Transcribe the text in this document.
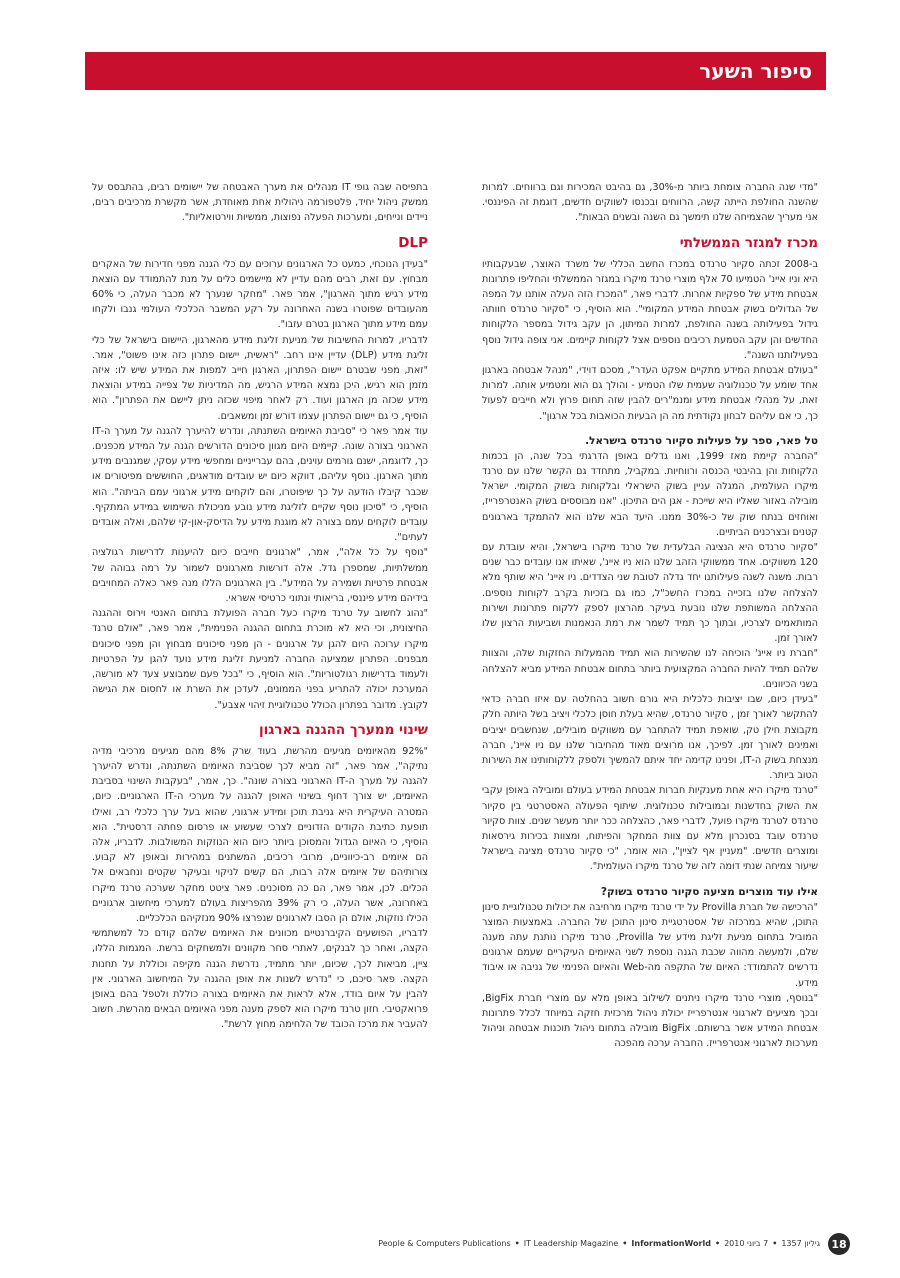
סיפור השער

"מדי שנה החברה צומחת ביותר מ-30%, גם בהיבט המכירות וגם ברווחים. למרות שהשנה החולפת הייתה קשה, הרווחים ובכנסו לשווקים חדשים, דוגמת זה הפיננסי. אני מעריך שהצמיחה שלנו תימשך גם השנה ובשנים הבאות".

מכרז למגזר הממשלתי

ב-2008 זכתה סקיור טרנדס במכרז החשב הכללי של משרד האוצר, שבעקבותיו היא וניו איינ' הטמיעו 70 אלף מוצרי טרנד מיקרו במגזר הממשלתי והחליפו פתרונות אבטחת מידע של ספקיות אחרות. לדברי פאר, "המכרז הזה העלה אותנו על המפה של הגדולים בשוק אבטחת המידע המקומי". הוא הוסיף, כי "סקיור טרנדס חוותה גידול בפעילותה בשנה החולפת, למרות המיתון, הן עקב גידול במספר הלקוחות החדשים והן עקב הטמעת רכיבים נוספים אצל לקוחות קיימים. אני צופה גידול נוסף בפעילותנו השנה".

"בעולם אבטחת המידע מתקיים אפקט העדר", מסכם דוידי, "מנהל אבטחה בארגון אחד שומע על טכנולוגיה שעמית שלו הטמיע - והולך גם הוא ומטמיע אותה. למרות זאת, על מנהלי אבטחת מידע ומנמ"רים להבין שזה תחום פרוץ ולא חייבים לפעול כך, כי אם עליהם לבחון נקודתית מה הן הבעיות הכואבות בכל ארגון".

טל פאר, ספר על פעילות סקיור טרנדס בישראל.

"החברה קיימת מאז 1999, ואנו גדלים באופן הדרגתי בכל שנה, הן בכמות הלקוחות והן בהיבטי הכנסה ורווחיות. במקביל, מתחדד גם הקשר שלנו עם טרנד מיקרו העולמית, המגלה עניין בשוק הישראלי ובלקוחות בשוק המקומי. ישראל מובילה באזור שאליו היא שייכת - אגן הים התיכון. "אנו מבוססים בשוק האנטרפרייז, ואוחזים בנתח שוק של כ-30% ממנו. היעד הבא שלנו הוא להתמקד בארגונים קטנים ובצרכנים הביתיים.

"סקיור טרנדס היא הנציגה הבלעדית של טרנד מיקרו בישראל, והיא עובדת עם 120 משווקים. אחד ממשווקי הזהב שלנו הוא ניו איינ', שאיתו אנו עובדים כבר שנים רבות. משנה לשנה פעילותנו יחד גדלה לטובת שני הצדדים. ניו איינ' היא שותף מלא להצלחה שלנו בזכייה במכרז החשכ"ל, כמו גם בזכיות בקרב לקוחות נוספים. ההצלחה המשותפת שלנו נובעת בעיקר מהרצון לספק ללקוח פתרונות ושירות המותאמים לצרכיו, ובתוך כך תמיד לשמר את רמת הנאמנות ושביעות הרצון שלו לאורך זמן.

"חברת ניו איינ' הוכיחה לנו שהשירות הוא תמיד מהמעלות החזקות שלה, והצוות שלהם תמיד להיות החברה המקצועית ביותר בתחום אבטחת המידע מביא להצלחה בשני הכיוונים.

"בעידן כיום, שבו יציבות כלכלית היא גורם חשוב בהחלטה עם איזו חברה כדאי להתקשר לאורך זמן , סקיור טרנדס, שהיא בעלת חוסן כלכלי ויציב בשל היותה חלק מקבוצת חילן טק, שואפת תמיד להתחבר עם משווקים מובילים, שנחשבים יציבים ואמינים לאורך זמן. לפיכך, אנו מרוצים מאוד מהחיבור שלנו עם ניו איינ', חברה מנצחת בשוק ה-IT, ופנינו קדימה יחד איתם להמשיך ולספק ללקוחותינו את השירות הטוב ביותר.

"טרנד מיקרו היא אחת מענקיות חברות אבטחת המידע בעולם ומובילה באופן עקבי את השוק בחדשנות ובמובילות טכנולוגית. שיתוף הפעולה האסטרטגי בין סקיור טרנדס לטרנד מיקרו פועל, לדברי פאר, כהצלחה ככר יותר מעשר שנים. צוות סקיור טרנדס עובד בסנכרון מלא עם צוות המחקר והפיתוח, ומצוות בכירות גירסאות ומוצרים חדשים. "מעניין אף לציין", הוא אומר, "כי סקיור טרנדס מציגה בישראל שיעור צמיחה שנתי דומה לזה של טרנד מיקרו העולמית".

אילו עוד מוצרים מציעה סקיור טרנדס בשוק?

"הרכישה של חברת Provilla על ידי טרנד מיקרו מרחיבה את יכולות טכנולוגיית סינון התוכן, שהיא במרכזה של אסטרטגיית סינון התוכן של החברה. באמצעות המוצר המוביל בתחום מניעת זליגת מידע של Provilla, טרנד מיקרו נותנת עתה מענה שלם, ולמעשה מהווה שכבת הגנה נוספת לשני האיומים העיקריים שעמם ארגונים נדרשים להתמודד: האיום של התקפה מה-Web והאיום הפנימי של גניבה או איבוד מידע.

"בנוסף, מוצרי טרנד מיקרו ניתנים לשילוב באופן מלא עם מוצרי חברת BigFix, ובכך מציעים לארגוני אנטרפרייז יכולת ניהול מרכזית חזקה במיוחד לכלל פתרונות אבטחת המידע אשר ברשותם. BigFix מובילה בתחום ניהול תוכנות אבטחה וניהול מערכות לארגוני אנטרפרייז. החברה ערכה מהפכה

בתפיסה שבה גופי IT מנהלים את מערך האבטחה של יישומים רבים, בהתבסס על ממשק ניהול יחיד, פלטפורמה ניהולית אחת מאוחדת, אשר מקשרת מרכיבים רבים, ניידים ונייחים, ומערכות הפעלה נפוצות, ממשיות ווירטואליות".

DLP

"בעידן הנוכחי, כמעט כל הארגונים ערוכים עם כלי הגנה מפני חדירות של האקרים מבחוץ. עם זאת, רבים מהם עדיין לא מיישמים כלים על מנת להתמודד עם הוצאת מידע רגיש מתוך הארגון", אמר פאר. "מחקר שנערך לא מכבר העלה, כי 60% מהעובדים שפוטרו בשנה האחרונה על רקע המשבר הכלכלי העולמי גנבו ולקחו עמם מידע מתוך הארגון בטרם עזבו".

לדבריו, למרות החשיבות של מניעת זליגת מידע מהארגון, היישום בישראל של כלי זליגת מידע (DLP) עדיין אינו רחב. "ראשית, יישום פתרון כזה אינו פשוט", אמר. "זאת, מפני שבטרם יישום הפתרון, הארגון חייב למפות את המידע שיש לו: איזה מזמן הוא רגיש, היכן נמצא המידע הרגיש, מה המדיניות של צפייה במידע והוצאת מידע שכזה מן הארגון ועוד. רק לאחר מיפוי שכזה ניתן ליישם את הפתרון". הוא הוסיף, כי גם יישום הפתרון עצמו דורש זמן ומשאבים.

עוד אמר פאר כי "סביבת האיומים השתנתה, ונדרש להיערך להגנה על מערך ה-IT הארגוני בצורה שונה. קיימים היום מגוון סיכונים הדורשים הגנה על המידע מכפנים. כך, לדוגמה, ישנם גורמים עוינים, בהם עברייניים ומחפשי מידע עסקי, שמגנבים מידע מתוך הארגון. נוסף עליהם, דווקא כיום יש עובדים מודאגים, החוששים מפיטורים או שכבר קיבלו הודעה על כך שיפוטרו, והם לוקחים מידע ארגוני עמם הביתה". הוא הוסיף, כי "סיכון נוסף שקיים לזליגת מידע נובע מניכולת השימוש במידע המתקיף. עובדים לוקחים עמם בצורה לא מוגנת מידע על הדיסק-און-קי שלהם, ואלה אובדים לעתים".

"נוסף על כל אלה", אמר, "ארגונים חייבים כיום להיענות לדרישות רגולציה ממשלתיות, שמספרן גדל. אלה דורשות מארגונים לשמור על רמה גבוהה של אבטחת פרטיות ושמירה על המידע". בין הארגונים הללו מנה פאר כאלה המחויבים בידיהם מידע פיננסי, בריאותי ונתוני כרטיסי אשראי.

"נהוג לחשוב על טרנד מיקרו כעל חברה הפועלת בתחום האנטי וירוס וההגנה החיצונית, וכי היא לא מוכרת בתחום ההגנה הפנימית", אמר פאר, "אולם טרנד מיקרו ערוכה היום להגן על ארגונים - הן מפני סיכונים מבחוץ והן מפני סיכונים מבפנים. הפתרון שמציעה החברה למניעת זליגת מידע נועד להגן על הפרטיות ולעמוד בדרישות רגולטוריות". הוא הוסיף, כי "בכל פעם שמבוצע צעד לא מורשה, המערכת יכולה להתריע בפני הממונים, לעדכן את השרת או לחסום את הגישה לקובץ. מדובר בפתרון הכולל טכנולוגיית זיהוי אצבע".

שינוי ממערך ההגנה בארגון

"92% מהאיומים מגיעים מהרשת, בעוד שרק 8% מהם מגיעים מרכיבי מדיה נתיקה", אמר פאר, "זה מביא לכך שסביבת האיומים השתנתה, ונדרש להיערך להגנה על מערך ה-IT הארגוני בצורה שונה". כך, אמר, "בעקבות השינוי בסביבת האיומים, יש צורך דחוף בשינוי האופן להגנה על מערכי ה-IT הארגוניים. כיום, המטרה העיקרית היא גניבת תוכן ומידע ארגוני, שהוא בעל ערך כלכלי רב, ואילו תופעת כתיבת הקודים הזדוניים לצרכי שעשוע או פרסום פחתה דרסטית". הוא הוסיף, כי האיום הגדול והמסוכן ביותר כיום הוא הנוזקות המשולבות. לדבריו, אלה הם איומים רב-כיווניים, מרובי רכיבים, המשתנים במהירות ובאופן לא קבוע. צורותיהם של איומים אלה רבות, הם קשים לניקוי ובעיקר שקטים ונחבאים אל הכלים. לכן, אמר פאר, הם כה מסוכנים. פאר ציטט מחקר שערכה טרנד מיקרו באחרונה, אשר העלה, כי רק 39% מהפריצות בעולם למערכי מיחשוב ארגוניים הכילו נוזקות, אולם הן הסבו לארגונים שנפרצו 90% מנזקיהם הכלכליים.

לדבריו, הפושעים הקיברנטיים מכוונים את האיומים שלהם קודם כל למשתמשי הקצה, ואחר כך לבנקים, לאתרי סחר מקוונים ולמשחקים ברשת. המגמות הללו, ציין, מביאות לכך, שכיום, יותר מתמיד, נדרשת הגנה מקיפה וכוללת על תחנות הקצה. פאר סיכם, כי "נדרש לשנות את אופן ההגנה על המיחשוב הארגוני. אין להבין על איום בודד, אלא לראות את האיומים בצורה כוללת ולטפל בהם באופן פרואקטיבי. חזון טרנד מיקרו הוא לספק מענה מפני האיומים הבאים מהרשת. חשוב להעביר את מרכז הכובד של הלחימה מחוץ לרשת".

18
גיליון 1357•7 ביוני 2010•People & Computers Publications • IT Leadership Magazine • InformationWorld
